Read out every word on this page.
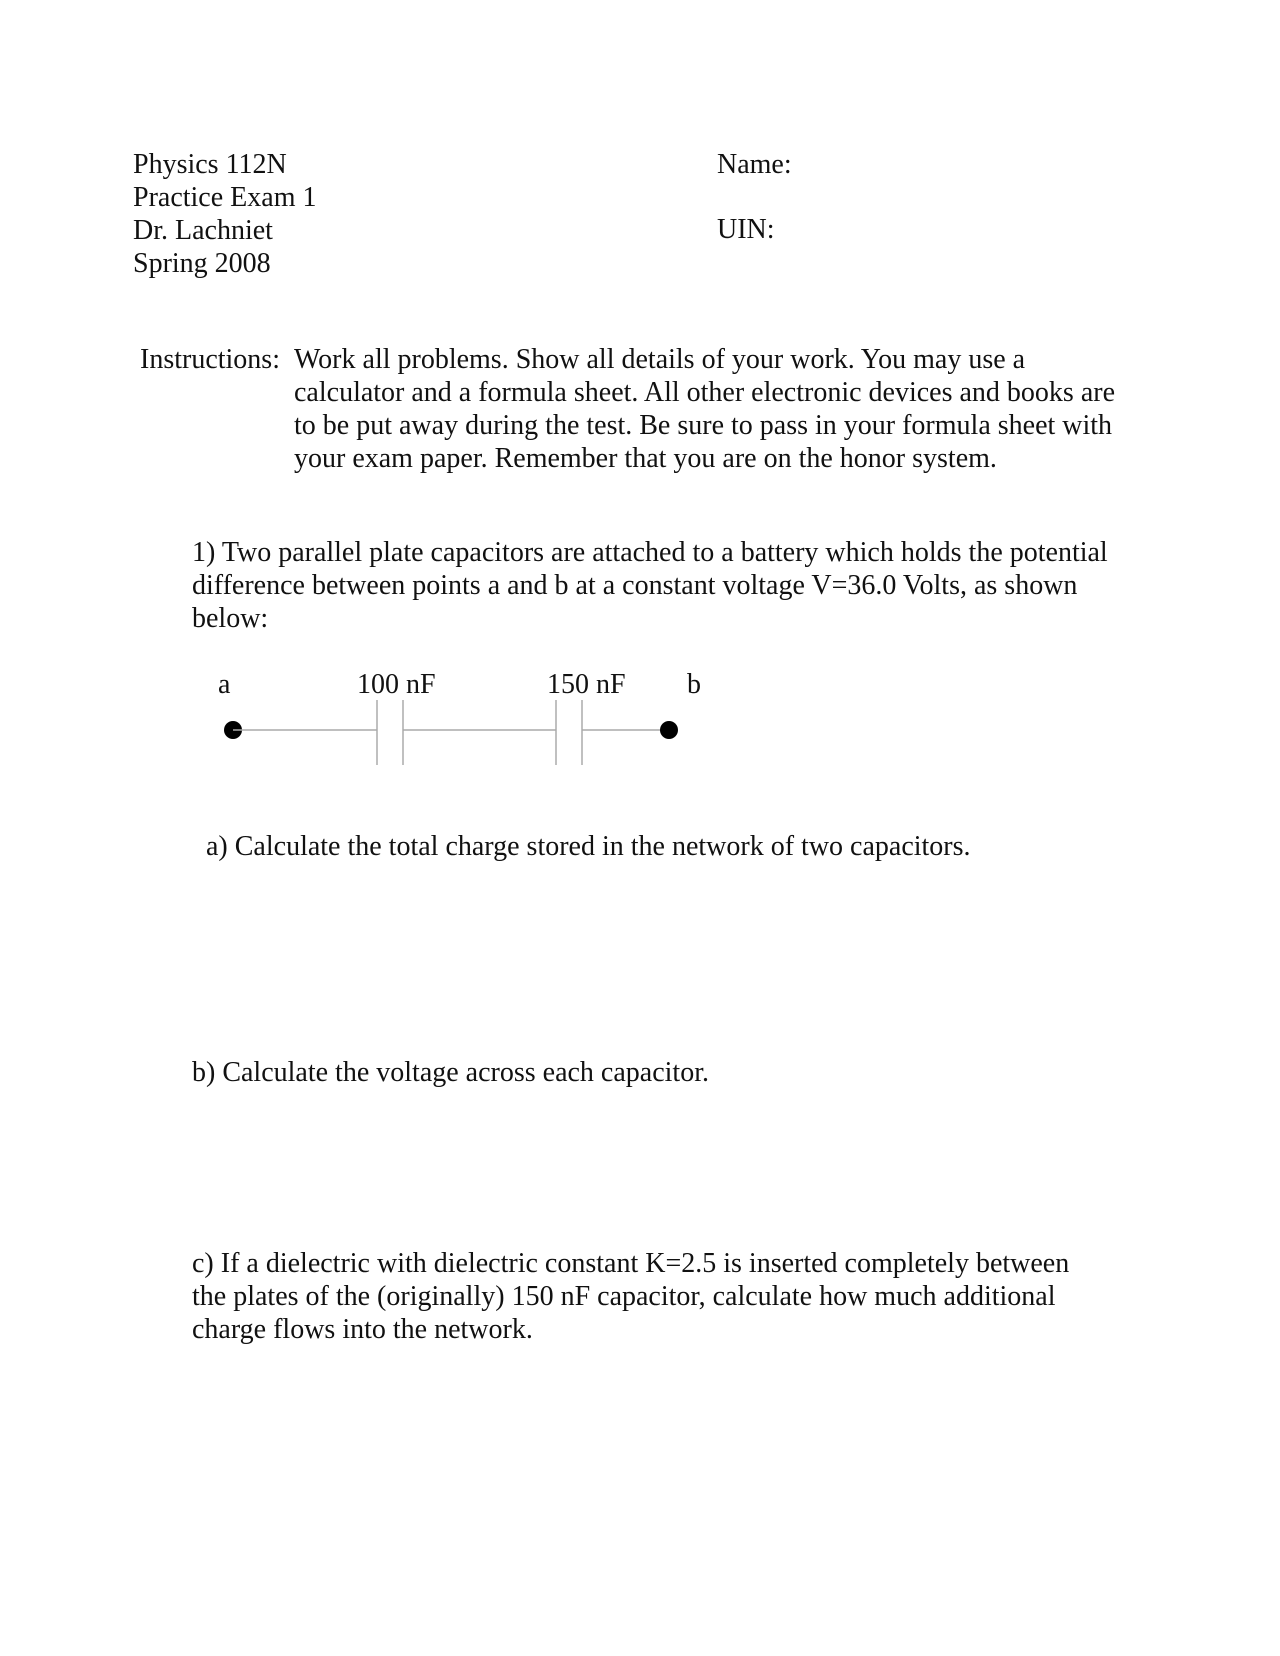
Physics 112N
Practice Exam 1
Dr. Lachniet
Spring 2008
Name:
UIN:
Instructions: Work all problems. Show all details of your work. You may use a
calculator and a formula sheet. All other electronic devices and books are
to be put away during the test. Be sure to pass in your formula sheet with
your exam paper. Remember that you are on the honor system.
1) Two parallel plate capacitors are attached to a battery which holds the potential
difference between points a and b at a constant voltage V=36.0 Volts, as shown
below:
a	100 nF	150 nF b
a) Calculate the total charge stored in the network of two capacitors.
b) Calculate the voltage across each capacitor.
c) If a dielectric with dielectric constant K=2.5 is inserted completely between
the plates of the (originally) 150 nF capacitor, calculate how much additional
charge flows into the network.
